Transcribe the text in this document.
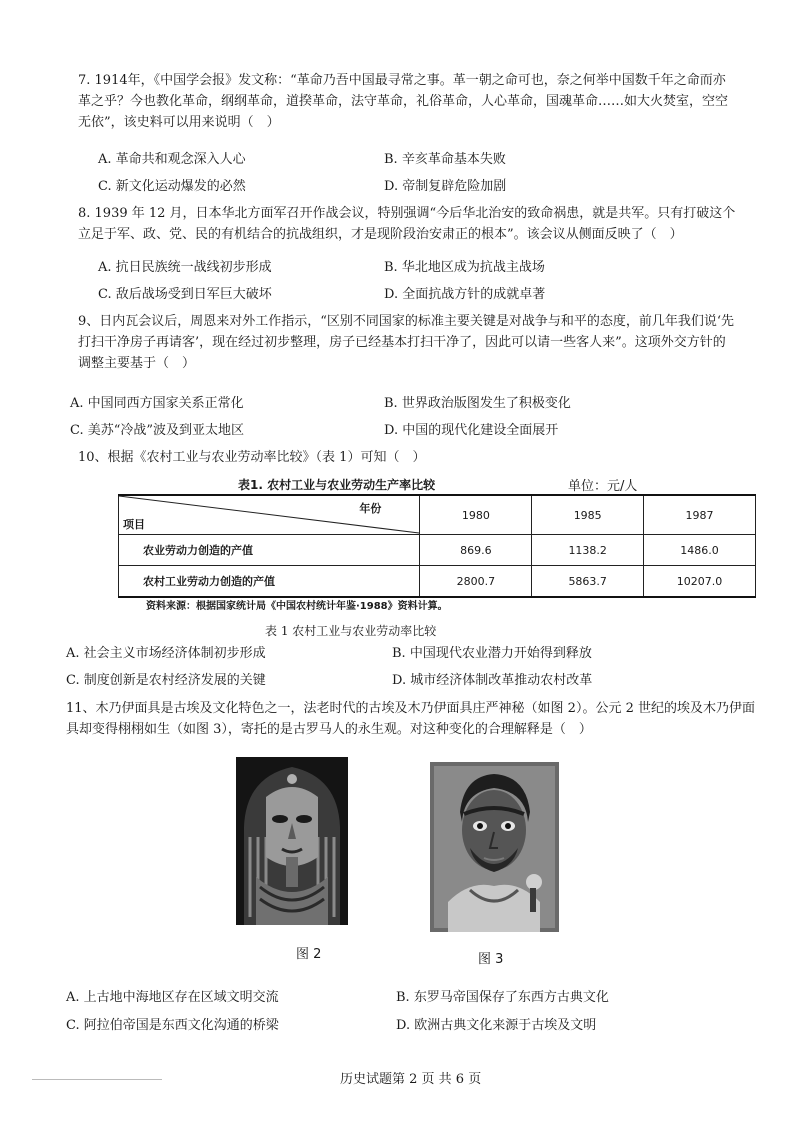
7. 1914年，《中国学会报》发文称：“革命乃吾中国最寻常之事。革一朝之命可也，奈之何举中国数千年之命而亦革之乎？今也教化革命，纲纲革命，道揆革命，法守革命，礼俗革命，人心革命，国魂革命……如大火焚室，空空无依”，该史料可以用来说明（　）
A. 革命共和观念深入人心	B. 辛亥革命基本失败
C. 新文化运动爆发的必然	D. 帝制复辟危险加剧
8. 1939 年 12 月，日本华北方面军召开作战会议，特别强调“今后华北治安的致命祸患，就是共军。只有打破这个立足于军、政、党、民的有机结合的抗战组织，才是现阶段治安肃正的根本”。该会议从侧面反映了（　）
A. 抗日民族统一战线初步形成	B. 华北地区成为抗战主战场
C. 敌后战场受到日军巨大破坏	D. 全面抗战方针的成就卓著
9、日内瓦会议后，周恩来对外工作指示，“区别不同国家的标准主要关键是对战争与和平的态度，前几年我们说‘先打扫干净房子再请客’，现在经过初步整理，房子已经基本打扫干净了，因此可以请一些客人来”。这项外交方针的调整主要基于（　）
A. 中国同西方国家关系正常化	B. 世界政治版图发生了积极变化
C. 美苏“冷战”波及到亚太地区	D. 中国的现代化建设全面展开
10、根据《农村工业与农业劳动率比较》（表 1）可知（　）
表1. 农村工业与农业劳动生产率比较	单位：元/人
年份
项目	1980	1985	1987
农业劳动力创造的产值	869.6	1138.2	1486.0
农村工业劳动力创造的产值	2800.7	5863.7	10207.0
资料来源：根据国家统计局《中国农村统计年鉴·1988》资料计算。
表 1 农村工业与农业劳动率比较
A. 社会主义市场经济体制初步形成	B. 中国现代农业潜力开始得到释放
C. 制度创新是农村经济发展的关键	D. 城市经济体制改革推动农村改革
11、木乃伊面具是古埃及文化特色之一，法老时代的古埃及木乃伊面具庄严神秘（如图 2）。公元 2 世纪的埃及木乃伊面具却变得栩栩如生（如图 3），寄托的是古罗马人的永生观。对这种变化的合理解释是（　）
图 2	图 3
A. 上古地中海地区存在区域文明交流	B. 东罗马帝国保存了东西方古典文化
C. 阿拉伯帝国是东西文化沟通的桥梁	D. 欧洲古典文化来源于古埃及文明
历史试题第 2 页 共 6 页
